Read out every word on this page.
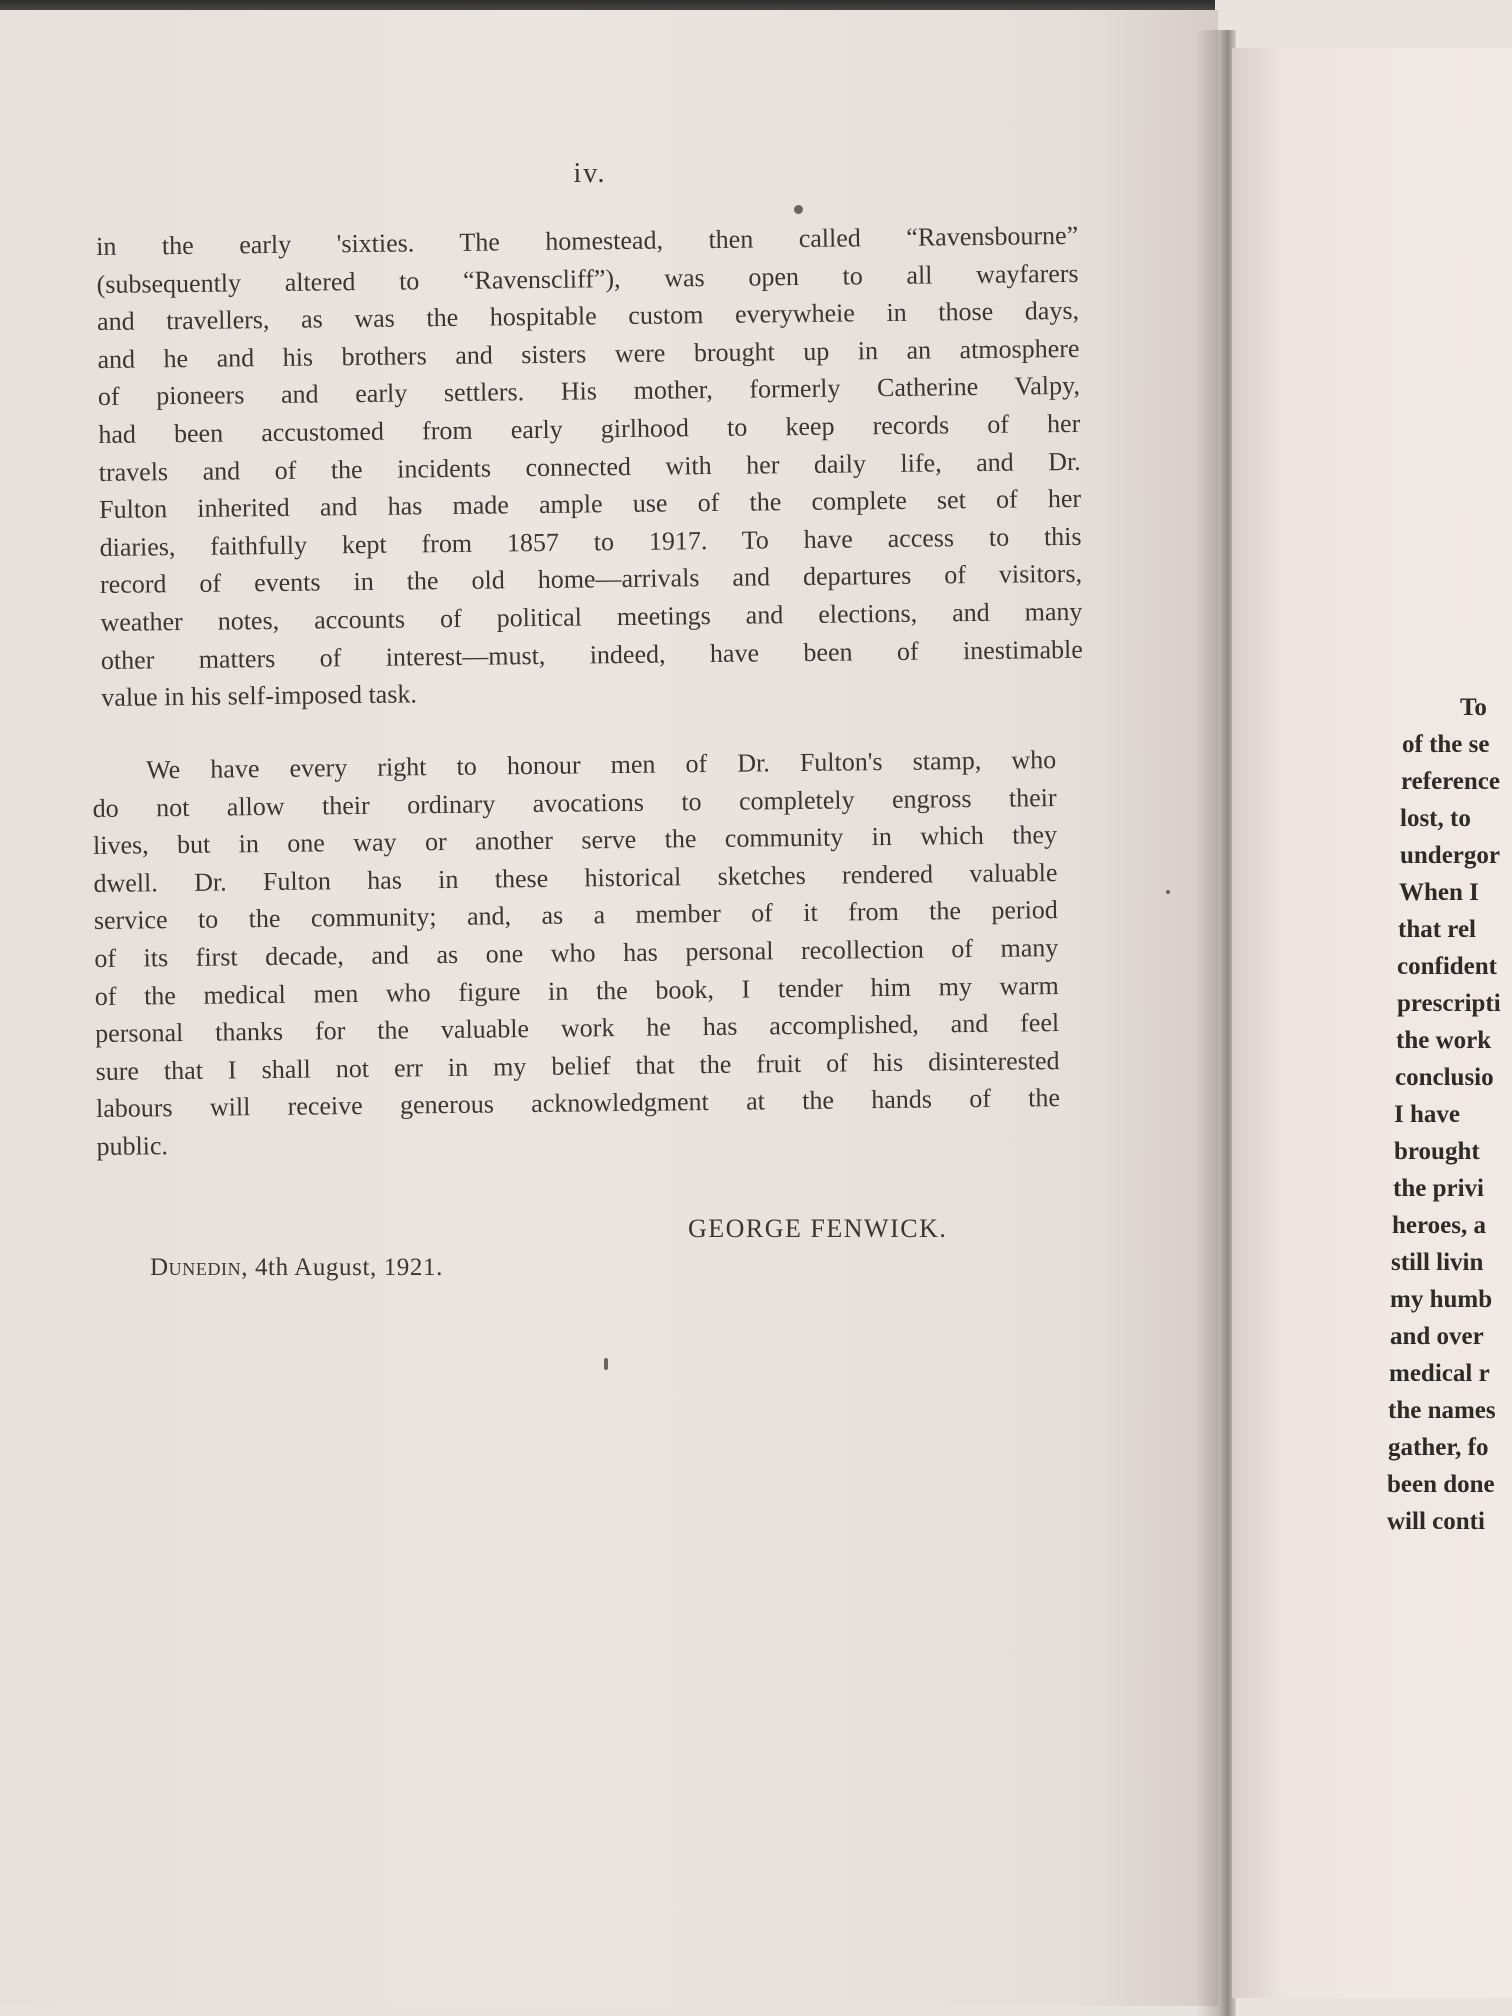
iv.
in the early 'sixties. The homestead, then called “Ravensbourne”
(subsequently altered to “Ravenscliff”), was open to all wayfarers
and travellers, as was the hospitable custom everywheie in those days,
and he and his brothers and sisters were brought up in an atmosphere
of pioneers and early settlers. His mother, formerly Catherine Valpy,
had been accustomed from early girlhood to keep records of her
travels and of the incidents connected with her daily life, and Dr.
Fulton inherited and has made ample use of the complete set of her
diaries, faithfully kept from 1857 to 1917. To have access to this
record of events in the old home—arrivals and departures of visitors,
weather notes, accounts of political meetings and elections, and many
other matters of interest—must, indeed, have been of inestimable
value in his self-imposed task.
We have every right to honour men of Dr. Fulton's stamp, who
do not allow their ordinary avocations to completely engross their
lives, but in one way or another serve the community in which they
dwell. Dr. Fulton has in these historical sketches rendered valuable
service to the community; and, as a member of it from the period
of its first decade, and as one who has personal recollection of many
of the medical men who figure in the book, I tender him my warm
personal thanks for the valuable work he has accomplished, and feel
sure that I shall not err in my belief that the fruit of his disinterested
labours will receive generous acknowledgment at the hands of the
public.
GEORGE FENWICK.
Dunedin, 4th August, 1921.
To
of the se
reference
lost, to
undergor
When I
that rel
confident
prescripti
the work
conclusio
I have
brought
the privi
heroes, a
still livin
my humb
and over
medical r
the names
gather, fo
been done
will conti
